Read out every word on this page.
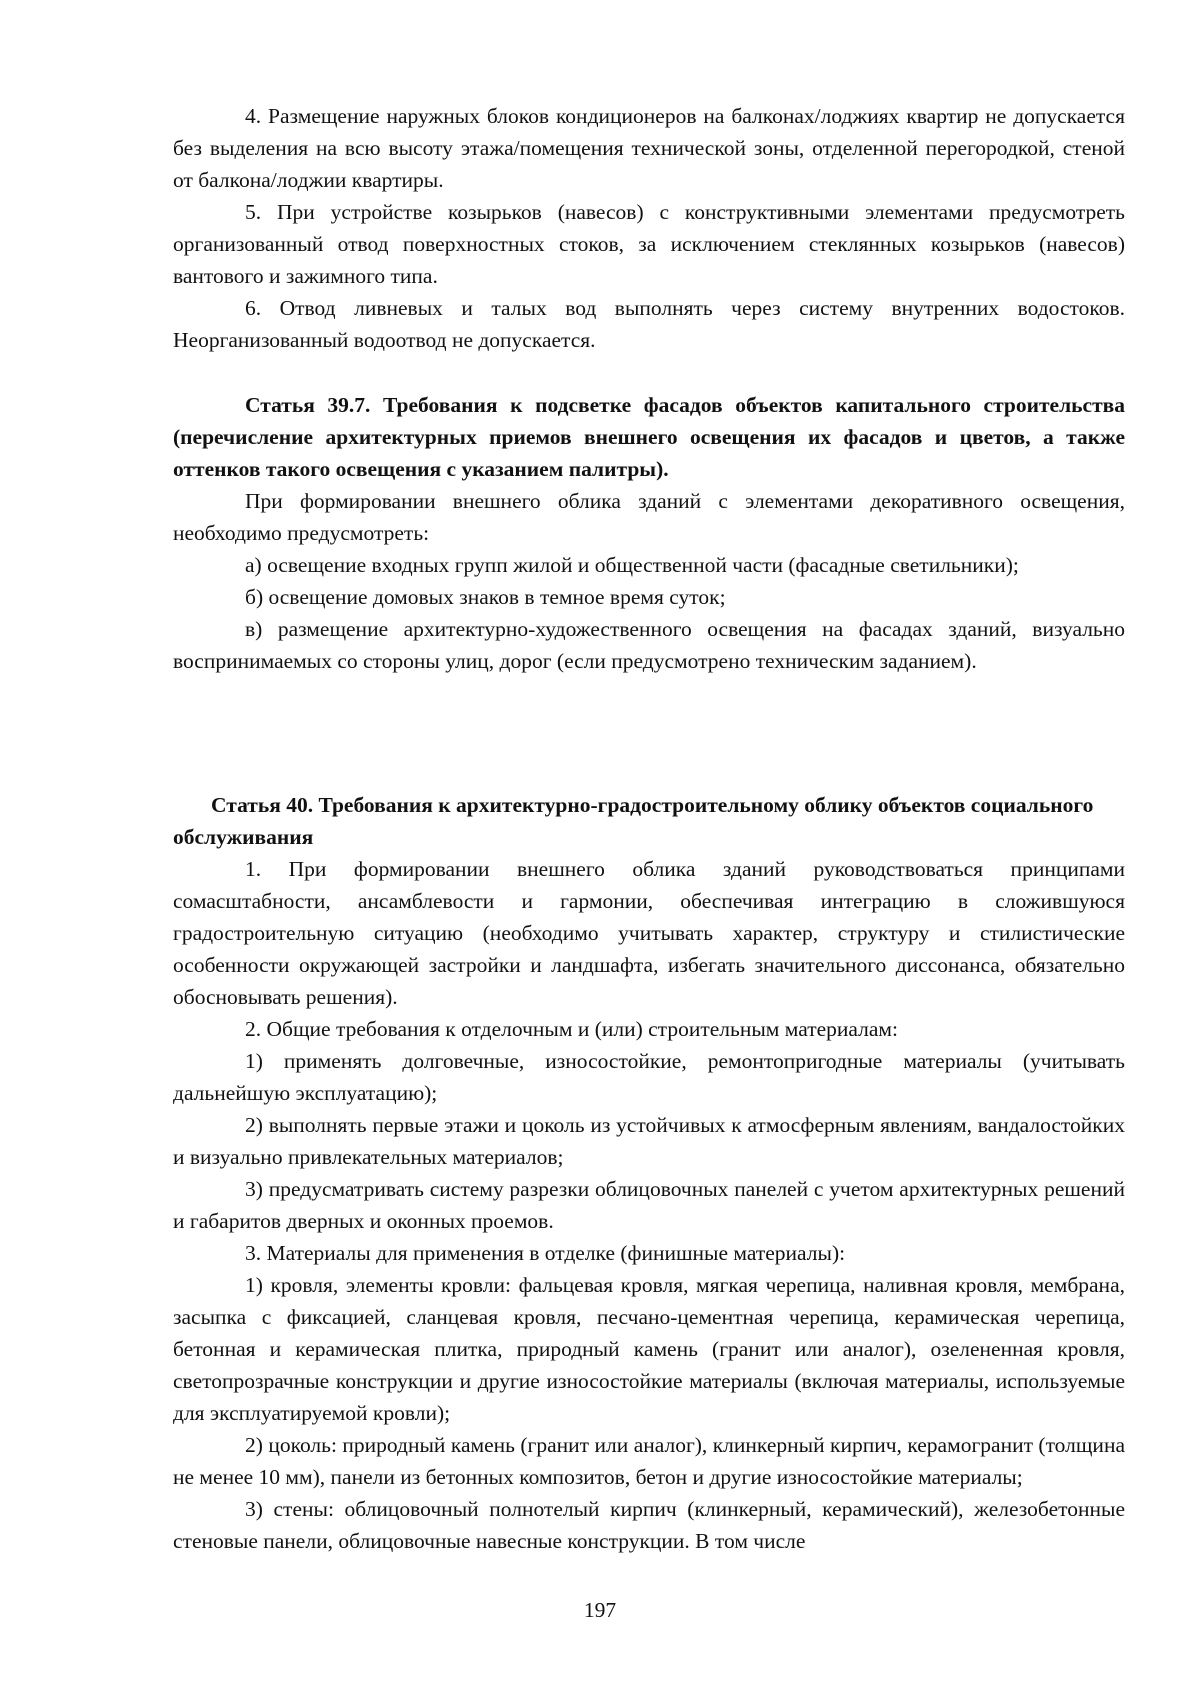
4. Размещение наружных блоков кондиционеров на балконах/лоджиях квартир не допускается без выделения на всю высоту этажа/помещения технической зоны, отделенной перегородкой, стеной от балкона/лоджии квартиры.

5. При устройстве козырьков (навесов) с конструктивными элементами предусмотреть организованный отвод поверхностных стоков, за исключением стеклянных козырьков (навесов) вантового и зажимного типа.

6. Отвод ливневых и талых вод выполнять через систему внутренних водостоков. Неорганизованный водоотвод не допускается.

Статья 39.7. Требования к подсветке фасадов объектов капитального строительства (перечисление архитектурных приемов внешнего освещения их фасадов и цветов, а также оттенков такого освещения с указанием палитры).

При формировании внешнего облика зданий с элементами декоративного освещения, необходимо предусмотреть:

а) освещение входных групп жилой и общественной части (фасадные светильники);

б) освещение домовых знаков в темное время суток;

в) размещение архитектурно-художественного освещения на фасадах зданий, визуально воспринимаемых со стороны улиц, дорог (если предусмотрено техническим заданием).

Статья 40. Требования к архитектурно-градостроительному облику объектов социального обслуживания

1. При формировании внешнего облика зданий руководствоваться принципами сомасштабности, ансамблевости и гармонии, обеспечивая интеграцию в сложившуюся градостроительную ситуацию (необходимо учитывать характер, структуру и стилистические особенности окружающей застройки и ландшафта, избегать значительного диссонанса, обязательно обосновывать решения).

2. Общие требования к отделочным и (или) строительным материалам:

1) применять долговечные, износостойкие, ремонтопригодные материалы (учитывать дальнейшую эксплуатацию);

2) выполнять первые этажи и цоколь из устойчивых к атмосферным явлениям, вандалостойких и визуально привлекательных материалов;

3) предусматривать систему разрезки облицовочных панелей с учетом архитектурных решений и габаритов дверных и оконных проемов.

3. Материалы для применения в отделке (финишные материалы):

1) кровля, элементы кровли: фальцевая кровля, мягкая черепица, наливная кровля, мембрана, засыпка с фиксацией, сланцевая кровля, песчано-цементная черепица, керамическая черепица, бетонная и керамическая плитка, природный камень (гранит или аналог), озелененная кровля, светопрозрачные конструкции и другие износостойкие материалы (включая материалы, используемые для эксплуатируемой кровли);

2) цоколь: природный камень (гранит или аналог), клинкерный кирпич, керамогранит (толщина не менее 10 мм), панели из бетонных композитов, бетон и другие износостойкие материалы;

3) стены: облицовочный полнотелый кирпич (клинкерный, керамический), железобетонные стеновые панели, облицовочные навесные конструкции. В том числе

197
